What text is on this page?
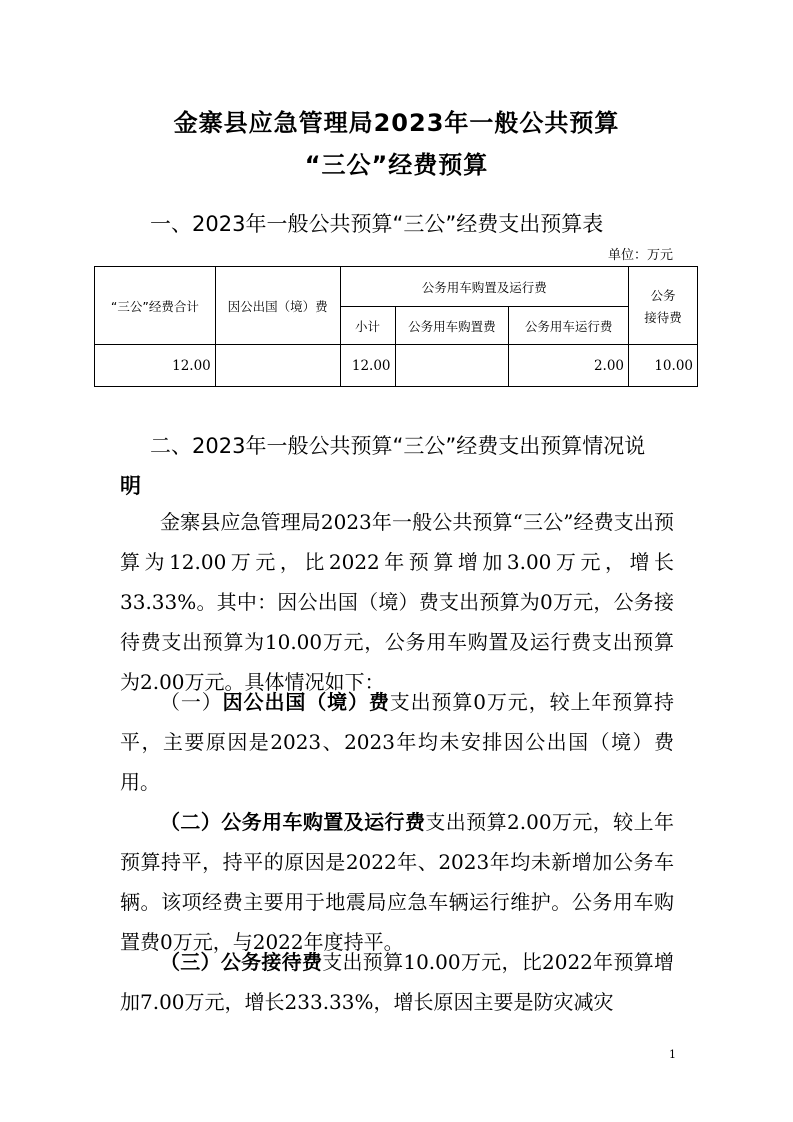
金寨县应急管理局2023年一般公共预算
“三公”经费预算
一、2023年一般公共预算“三公”经费支出预算表
单位：万元
“三公”经费合计	因公出国（境）费	公务用车购置及运行费			公务
接待费

		小计	公务用车购置费	公务用车运行费	
12.00		12.00		2.00	10.00
二、2023年一般公共预算“三公”经费支出预算情况说
明
金寨县应急管理局2023年一般公共预算“三公”经费支出预算为12.00万元，比2022年预算增加3.00万元，增长33.33%。其中：因公出国（境）费支出预算为0万元，公务接待费支出预算为10.00万元，公务用车购置及运行费支出预算为2.00万元。具体情况如下：
（一）因公出国（境）费支出预算0万元，较上年预算持平，主要原因是2023、2023年均未安排因公出国（境）费用。
（二）公务用车购置及运行费支出预算2.00万元，较上年预算持平，持平的原因是2022年、2023年均未新增加公务车辆。该项经费主要用于地震局应急车辆运行维护。公务用车购置费0万元，与2022年度持平。
（三）公务接待费支出预算10.00万元，比2022年预算增加7.00万元，增长233.33%，增长原因主要是防灾减灾
1
